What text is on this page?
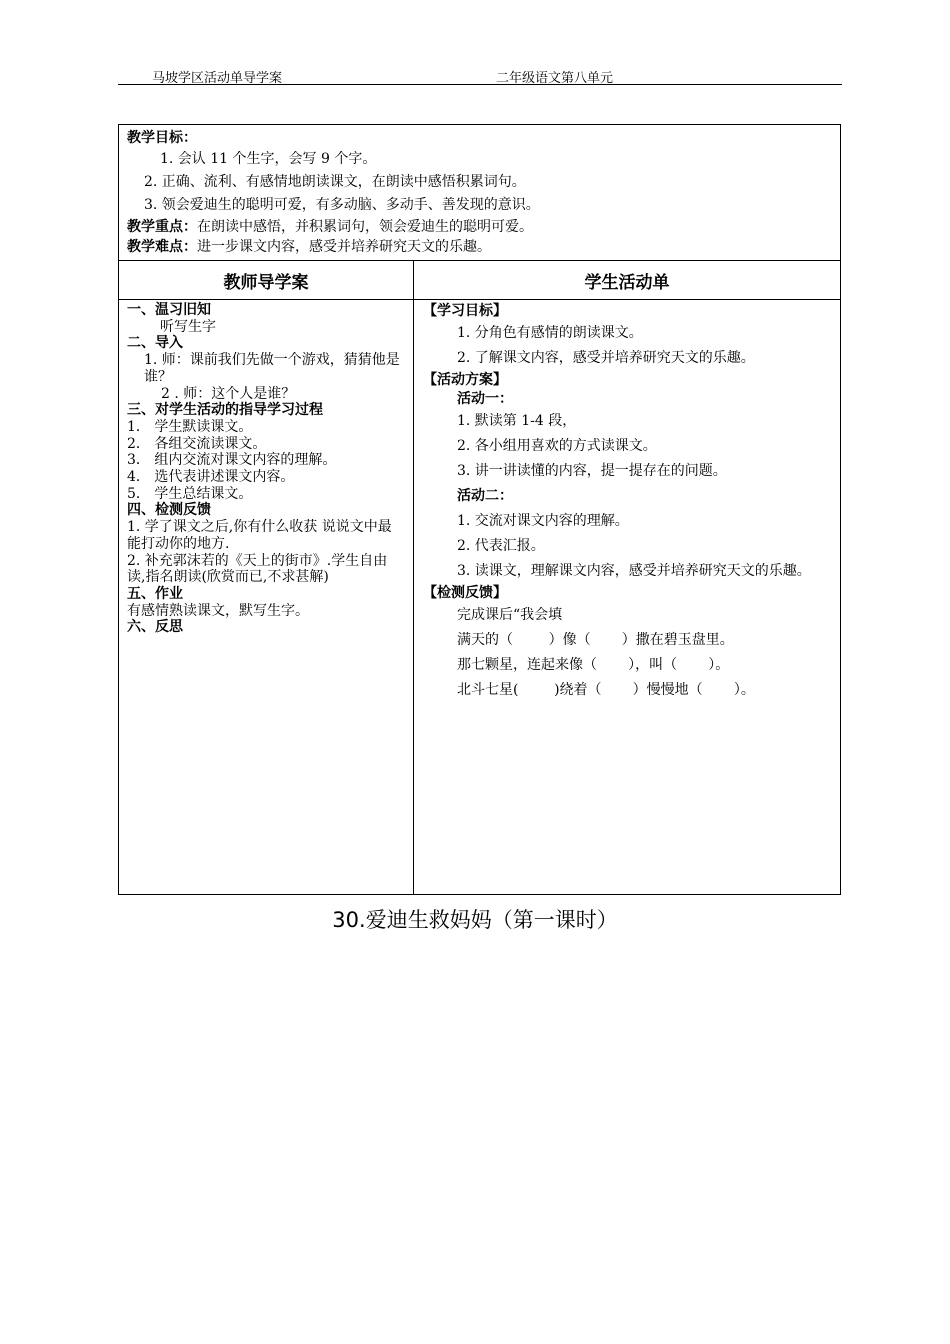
马坡学区活动单导学案	二年级语文第八单元
教学目标：
1. 会认 11 个生字，会写 9 个字。
2. 正确、流利、有感情地朗读课文，在朗读中感悟积累词句。
3. 领会爱迪生的聪明可爱，有多动脑、多动手、善发现的意识。
教学重点：在朗读中感悟，并积累词句，领会爱迪生的聪明可爱。
教学难点：进一步课文内容，感受并培养研究天文的乐趣。
教师导学案	学生活动单
一、温习旧知
听写生字
二、导入
1. 师：课前我们先做一个游戏，猜猜他是谁？
2 . 师：这个人是谁？
三、对学生活动的指导学习过程
1． 学生默读课文。
2． 各组交流读课文。
3． 组内交流对课文内容的理解。
4． 选代表讲述课文内容。
5． 学生总结课文。
四、检测反馈
1. 学了课文之后,你有什么收获 说说文中最能打动你的地方.
2. 补充郭沫若的《天上的街市》.学生自由读,指名朗读(欣赏而已,不求甚解)
五、作业
有感情熟读课文，默写生字。
六、反思
【学习目标】
1. 分角色有感情的朗读课文。
2. 了解课文内容，感受并培养研究天文的乐趣。
【活动方案】
活动一：
1. 默读第 1-4 段，
2. 各小组用喜欢的方式读课文。
3. 讲一讲读懂的内容，提一提存在的问题。
活动二：
1. 交流对课文内容的理解。
2. 代表汇报。
3. 读课文，理解课文内容，感受并培养研究天文的乐趣。
【检测反馈】
完成课后“我会填
满天的（        ）像（       ）撒在碧玉盘里。
那七颗星，连起来像（       ），叫（       ）。
北斗七星(        )绕着（       ）慢慢地（       ）。
30.爱迪生救妈妈（第一课时）
